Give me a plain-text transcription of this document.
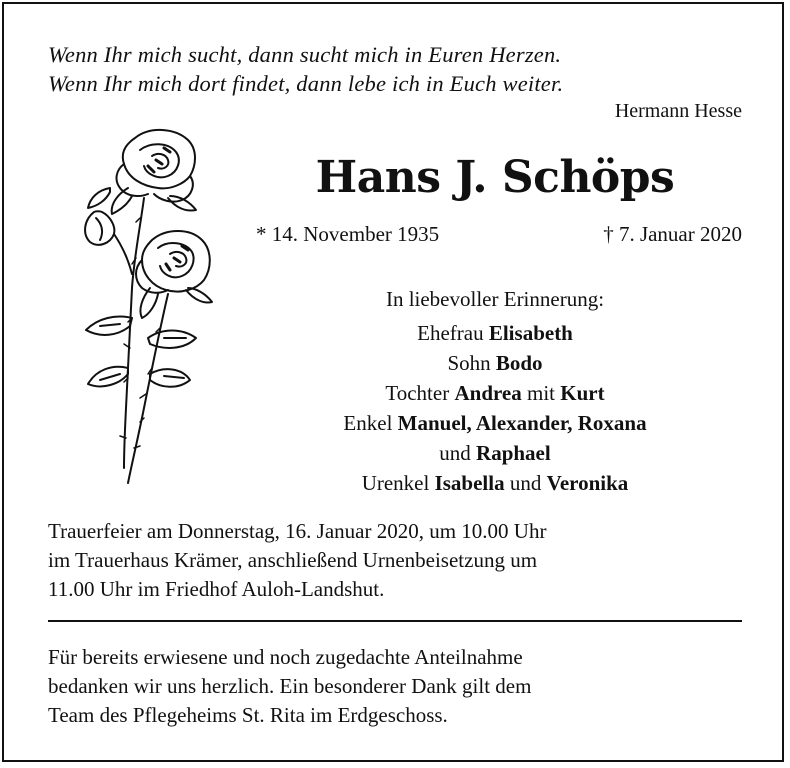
Wenn Ihr mich sucht, dann sucht mich in Euren Herzen.
Wenn Ihr mich dort findet, dann lebe ich in Euch weiter.
Hermann Hesse
Hans J. Schöps
* 14. November 1935	† 7. Januar 2020
In liebevoller Erinnerung:
Ehefrau Elisabeth
Sohn Bodo
Tochter Andrea mit Kurt
Enkel Manuel, Alexander, Roxana
und Raphael
Urenkel Isabella und Veronika
Trauerfeier am Donnerstag, 16. Januar 2020, um 10.00 Uhr
im Trauerhaus Krämer, anschließend Urnenbeisetzung um
11.00 Uhr im Friedhof Auloh-Landshut.
Für bereits erwiesene und noch zugedachte Anteilnahme
bedanken wir uns herzlich. Ein besonderer Dank gilt dem
Team des Pflegeheims St. Rita im Erdgeschoss.
